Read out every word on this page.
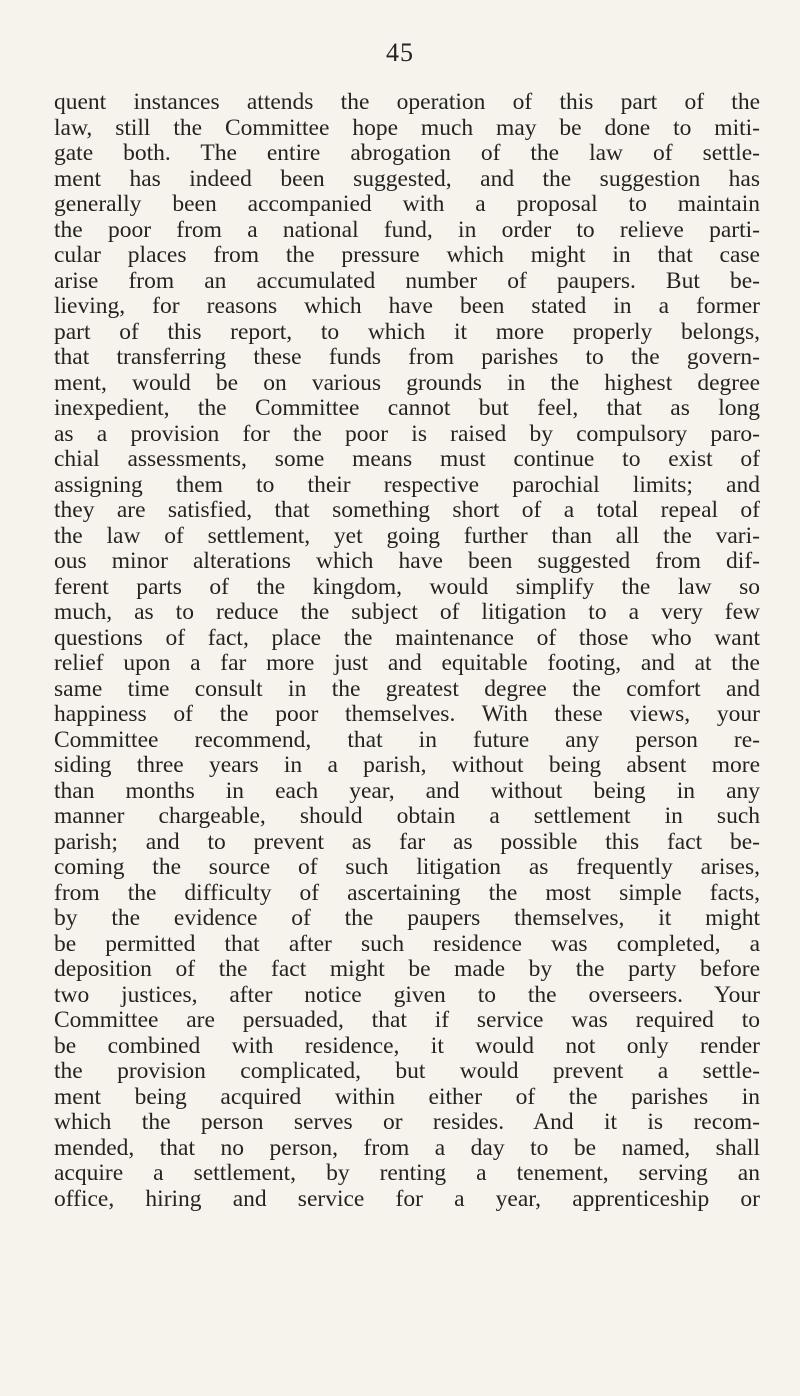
45
quent instances attends the operation of this part of the
law, still the Committee hope much may be done to miti-
gate both. The entire abrogation of the law of settle-
ment has indeed been suggested, and the suggestion has
generally been accompanied with a proposal to maintain
the poor from a national fund, in order to relieve parti-
cular places from the pressure which might in that case
arise from an accumulated number of paupers. But be-
lieving, for reasons which have been stated in a former
part of this report, to which it more properly belongs,
that transferring these funds from parishes to the govern-
ment, would be on various grounds in the highest degree
inexpedient, the Committee cannot but feel, that as long
as a provision for the poor is raised by compulsory paro-
chial assessments, some means must continue to exist of
assigning them to their respective parochial limits; and
they are satisfied, that something short of a total repeal of
the law of settlement, yet going further than all the vari-
ous minor alterations which have been suggested from dif-
ferent parts of the kingdom, would simplify the law so
much, as to reduce the subject of litigation to a very few
questions of fact, place the maintenance of those who want
relief upon a far more just and equitable footing, and at the
same time consult in the greatest degree the comfort and
happiness of the poor themselves. With these views, your
Committee recommend, that in future any person re-
siding three years in a parish, without being absent more
than months in each year, and without being in any
manner chargeable, should obtain a settlement in such
parish; and to prevent as far as possible this fact be-
coming the source of such litigation as frequently arises,
from the difficulty of ascertaining the most simple facts,
by the evidence of the paupers themselves, it might
be permitted that after such residence was completed, a
deposition of the fact might be made by the party before
two justices, after notice given to the overseers. Your
Committee are persuaded, that if service was required to
be combined with residence, it would not only render
the provision complicated, but would prevent a settle-
ment being acquired within either of the parishes in
which the person serves or resides. And it is recom-
mended, that no person, from a day to be named, shall
acquire a settlement, by renting a tenement, serving an
office, hiring and service for a year, apprenticeship or
